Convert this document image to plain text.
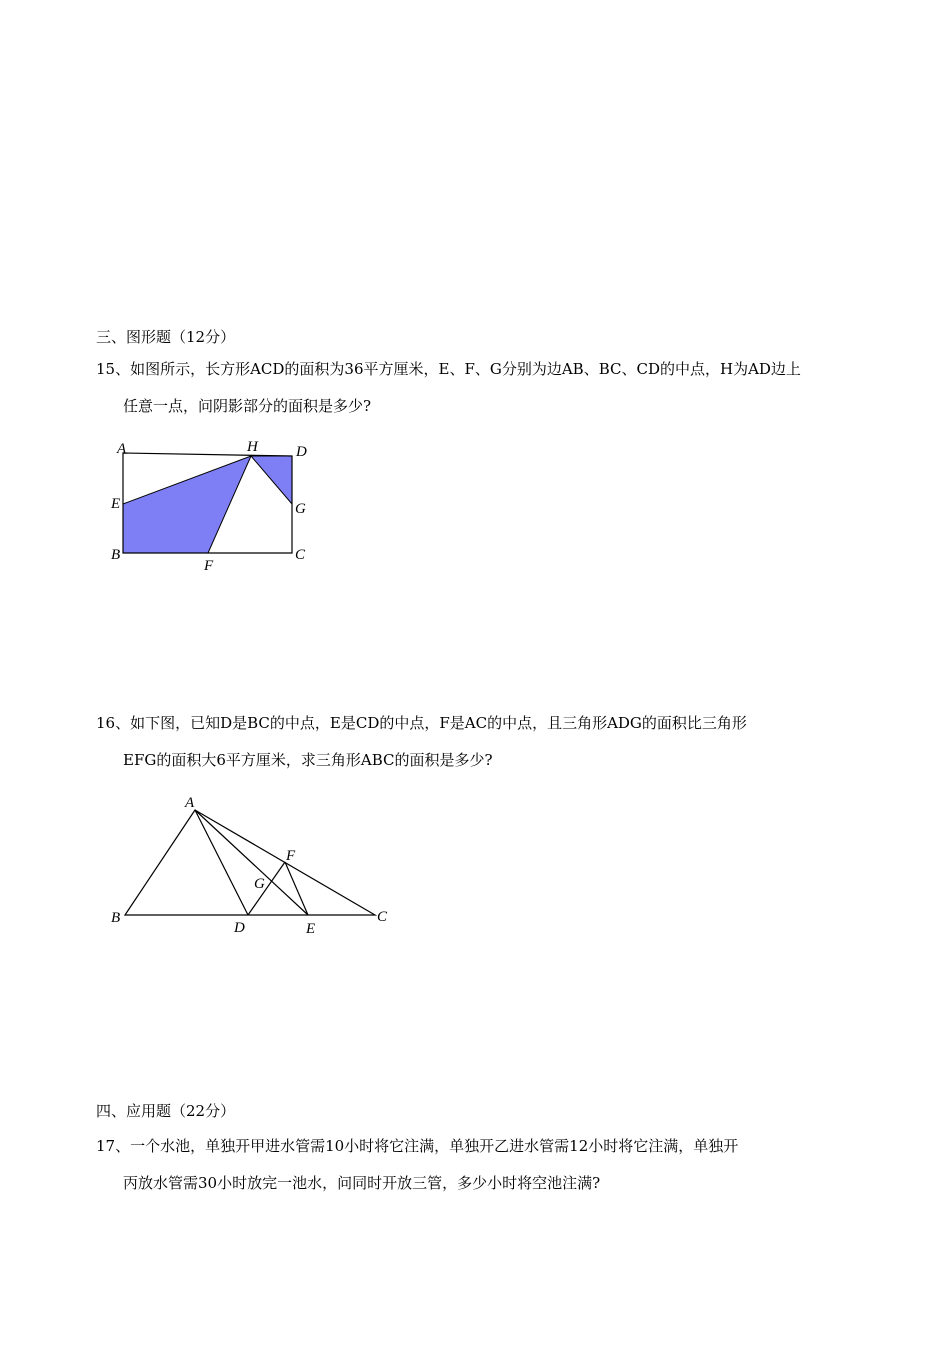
三、图形题（12分）
15、如图所示，长方形ACD的面积为36平方厘米，E、F、G分别为边AB、BC、CD的中点，H为AD边上
任意一点，问阴影部分的面积是多少?
A	H	D
E	G
B
F
C
16、如下图，已知D是BC的中点，E是CD的中点，F是AC的中点，且三角形ADG的面积比三角形
EFG的面积大6平方厘米，求三角形ABC的面积是多少?
A
F
G
B
D	E
C
四、应用题（22分）
17、一个水池，单独开甲进水管需10小时将它注满，单独开乙进水管需12小时将它注满，单独开
丙放水管需30小时放完一池水，问同时开放三管，多少小时将空池注满?
